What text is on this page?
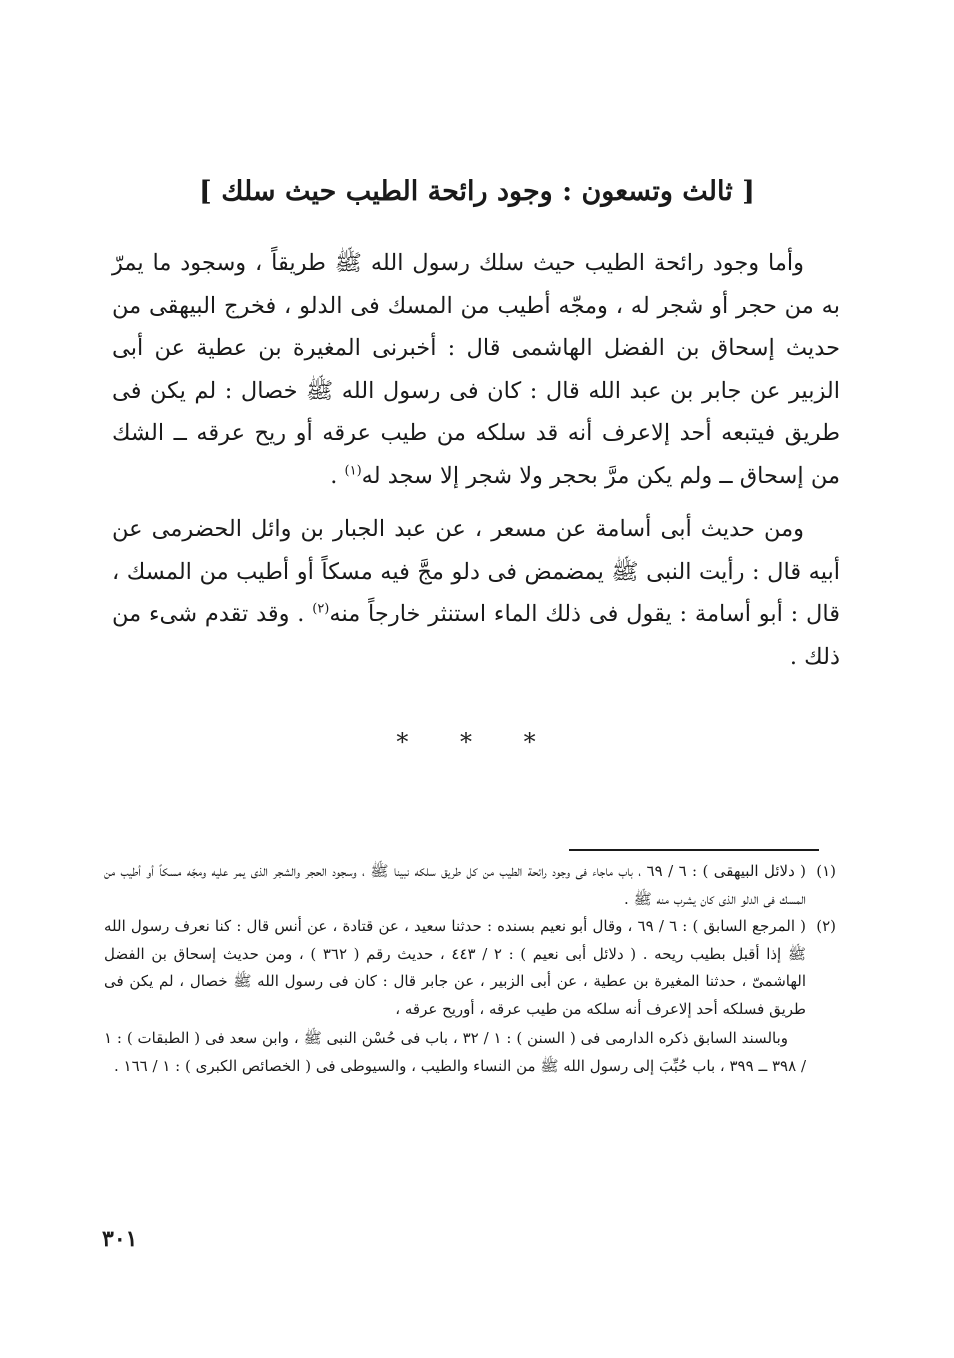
[ ثالث وتسعون : وجود رائحة الطيب حيث سلك ]

وأما وجود رائحة الطيب حيث سلك رسول الله ﷺ طريقاً ، وسجود ما يمرّ به من حجر أو شجر له ، ومجّه أطيب من المسك فى الدلو ، فخرج البيهقى من حديث إسحاق بن الفضل الهاشمى قال : أخبرنى المغيرة بن عطية عن أبى الزبير عن جابر بن عبد الله قال : كان فى رسول الله ﷺ خصال : لم يكن فى طريق فيتبعه أحد إلاعرف أنه قد سلكه من طيب عرقه أو ريح عرقه ــ الشك من إسحاق ــ ولم يكن مرَّ بحجر ولا شجر إلا سجد له$^{(١)}$ .

ومن حديث أبى أسامة عن مسعر ، عن عبد الجبار بن وائل الحضرمى عن أبيه قال : رأيت النبى ﷺ يمضمض فى دلو مجَّ فيه مسكاً أو أطيب من المسك ، قال : أبو أسامة : يقول فى ذلك الماء استنثر خارجاً منه$^{(٢)}$ . وقد تقدم شىء من ذلك .

* * *
(١)
( دلائل البيهقى ) : ٦ / ٦٩ ، باب ماجاء فى وجود رائحة الطيب من كل طريق سلكه نبينا ﷺ ، وسجود الحجر والشجر الذى يمر عليه ومجّه مسكاً أو أطيب من المسك فى الدلو الذى كان يشرب منه ﷺ .
(٢)
( المرجع السابق ) : ٦ / ٦٩ ، وقال أبو نعيم بسنده : حدثنا سعيد ، عن قتادة ، عن أنس قال : كنا نعرف رسول الله ﷺ إذا أقبل بطيب ريحه . ( دلائل أبى نعيم ) : ٢ / ٤٤٣ ، حديث رقم ( ٣٦٢ ) ، ومن حديث إسحاق بن الفضل الهاشمىّ ، حدثنا المغيرة بن عطية ، عن أبى الزبير ، عن جابر قال : كان فى رسول الله ﷺ خصال ، لم يكن فى طريق فسلكه أحد إلاعرف أنه سلكه من طيب عرقه ، أوريح عرقه ،
وبالسند السابق ذكره الدارمى فى ( السنن ) : ١ / ٣٢ ، باب فى حُسْن النبى ﷺ ، وابن سعد فى ( الطبقات ) : ١ / ٣٩٨ ــ ٣٩٩ ، باب حُبِّبَ إلى رسول الله ﷺ من النساء والطيب ، والسيوطى فى ( الخصائص الكبرى ) : ١ / ١٦٦ .
٣٠١
